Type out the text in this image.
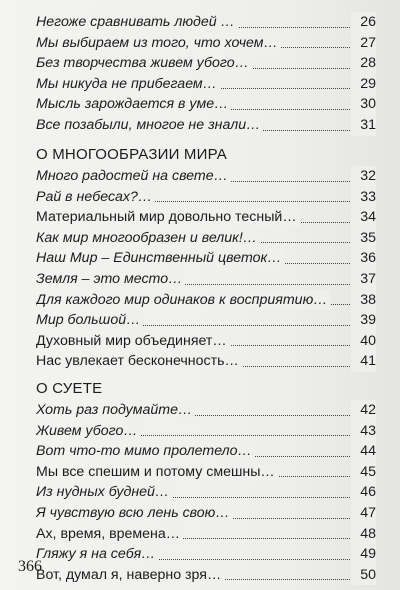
Негоже сравнивать людей …	26
Мы выбираем из того, что хочем…	27
Без творчества живем убого…	28
Мы никуда не прибегаем…	29
Мысль зарождается в уме…	30
Все позабыли, многое не знали…	31
О МНОГООБРАЗИИ МИРА
Много радостей на свете…	32
Рай в небесах?…	33
Материальный мир довольно тесный…	34
Как мир многообразен и велик!…	35
Наш Мир – Единственный цветок…	36
Земля – это место…	37
Для каждого мир одинаков к восприятию…	38
Мир большой…	39
Духовный мир объединяет…	40
Нас увлекает бесконечность…	41
О СУЕТЕ
Хоть раз подумайте…	42
Живем убого…	43
Вот что-то мимо пролетело…	44
Мы все спешим и потому смешны…	45
Из нудных будней…	46
Я чувствую всю лень свою…	47
Ах, время, времена…	48
Гляжу я на себя…	49
Вот, думал я, наверно зря…	50
366
